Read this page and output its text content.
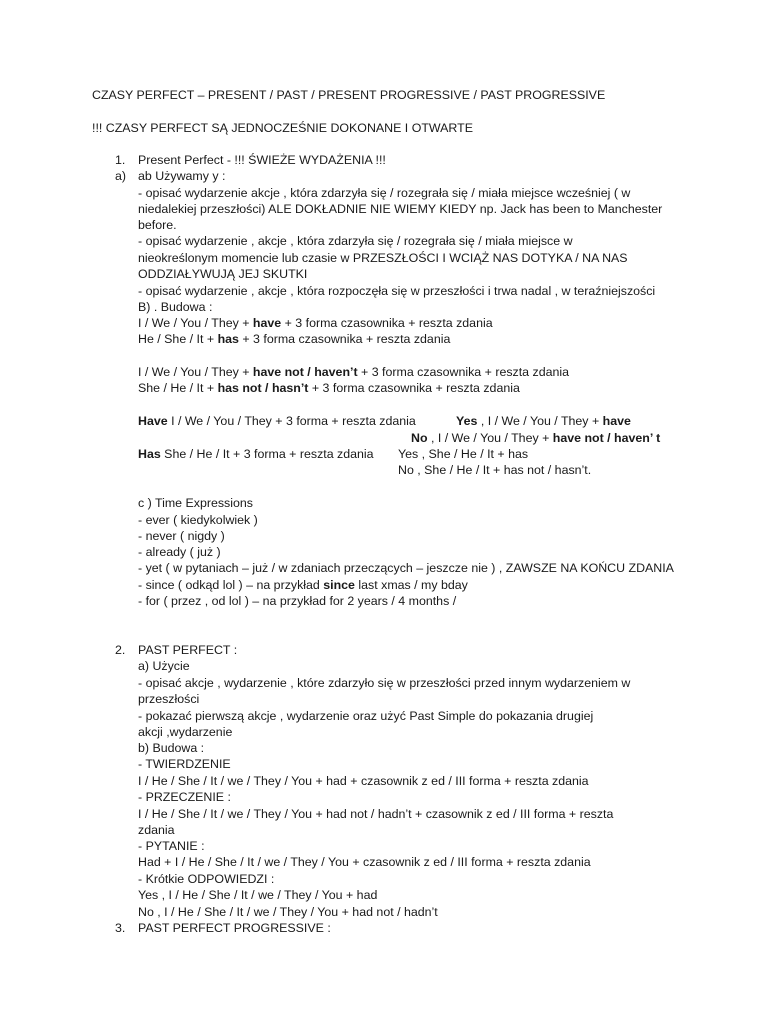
CZASY PERFECT – PRESENT / PAST / PRESENT PROGRESSIVE / PAST PROGRESSIVE
!!! CZASY PERFECT SĄ JEDNOCZEŚNIE DOKONANE I OTWARTE
1. Present Perfect - !!! ŚWIEŻE WYDAŻENIA !!!
a) ab Używamy y :
- opisać wydarzenie akcje , która zdarzyła się / rozegrała się / miała miejsce wcześniej ( w
niedalekiej przeszłości) ALE DOKŁADNIE NIE WIEMY KIEDY np. Jack has been to Manchester
before.
- opisać wydarzenie , akcje , która zdarzyła się / rozegrała się / miała miejsce w
nieokreślonym momencie lub czasie w PRZESZŁOŚCI I WCIĄŻ NAS DOTYKA / NA NAS
ODDZIAŁYWUJĄ JEJ SKUTKI
- opisać wydarzenie , akcje , która rozpoczęła się w przeszłości i trwa nadal , w teraźniejszości
B) . Budowa :
I / We / You / They + have + 3 forma czasownika + reszta zdania
He / She / It + has + 3 forma czasownika + reszta zdania
I / We / You / They + have not / haven’t + 3 forma czasownika + reszta zdania
She / He / It + has not / hasn’t + 3 forma czasownika + reszta zdania
Have I / We / You / They + 3 forma + reszta zdania	Yes , I / We / You / They + have
No , I / We / You / They + have not / haven’ t
Has She / He / It + 3 forma + reszta zdania Yes , She / He / It + has
No , She / He / It + has not / hasn’t.
c ) Time Expressions
- ever ( kiedykolwiek )
- never ( nigdy )
- already ( już )
- yet ( w pytaniach – już / w zdaniach przeczących – jeszcze nie ) , ZAWSZE NA KOŃCU ZDANIA
- since ( odkąd lol ) – na przykład since last xmas / my bday
- for ( przez , od lol ) – na przykład for 2 years / 4 months /
2. PAST PERFECT :
a) Użycie
- opisać akcje , wydarzenie , które zdarzyło się w przeszłości przed innym wydarzeniem w
przeszłości
- pokazać pierwszą akcje , wydarzenie oraz użyć Past Simple do pokazania drugiej
akcji ,wydarzenie
b) Budowa :
- TWIERDZENIE
I / He / She / It / we / They / You + had + czasownik z ed / III forma + reszta zdania
- PRZECZENIE :
I / He / She / It / we / They / You + had not / hadn’t + czasownik z ed / III forma + reszta
zdania
- PYTANIE :
Had + I / He / She / It / we / They / You + czasownik z ed / III forma + reszta zdania
- Krótkie ODPOWIEDZI :
Yes , I / He / She / It / we / They / You + had
No , I / He / She / It / we / They / You + had not / hadn’t
3. PAST PERFECT PROGRESSIVE :
